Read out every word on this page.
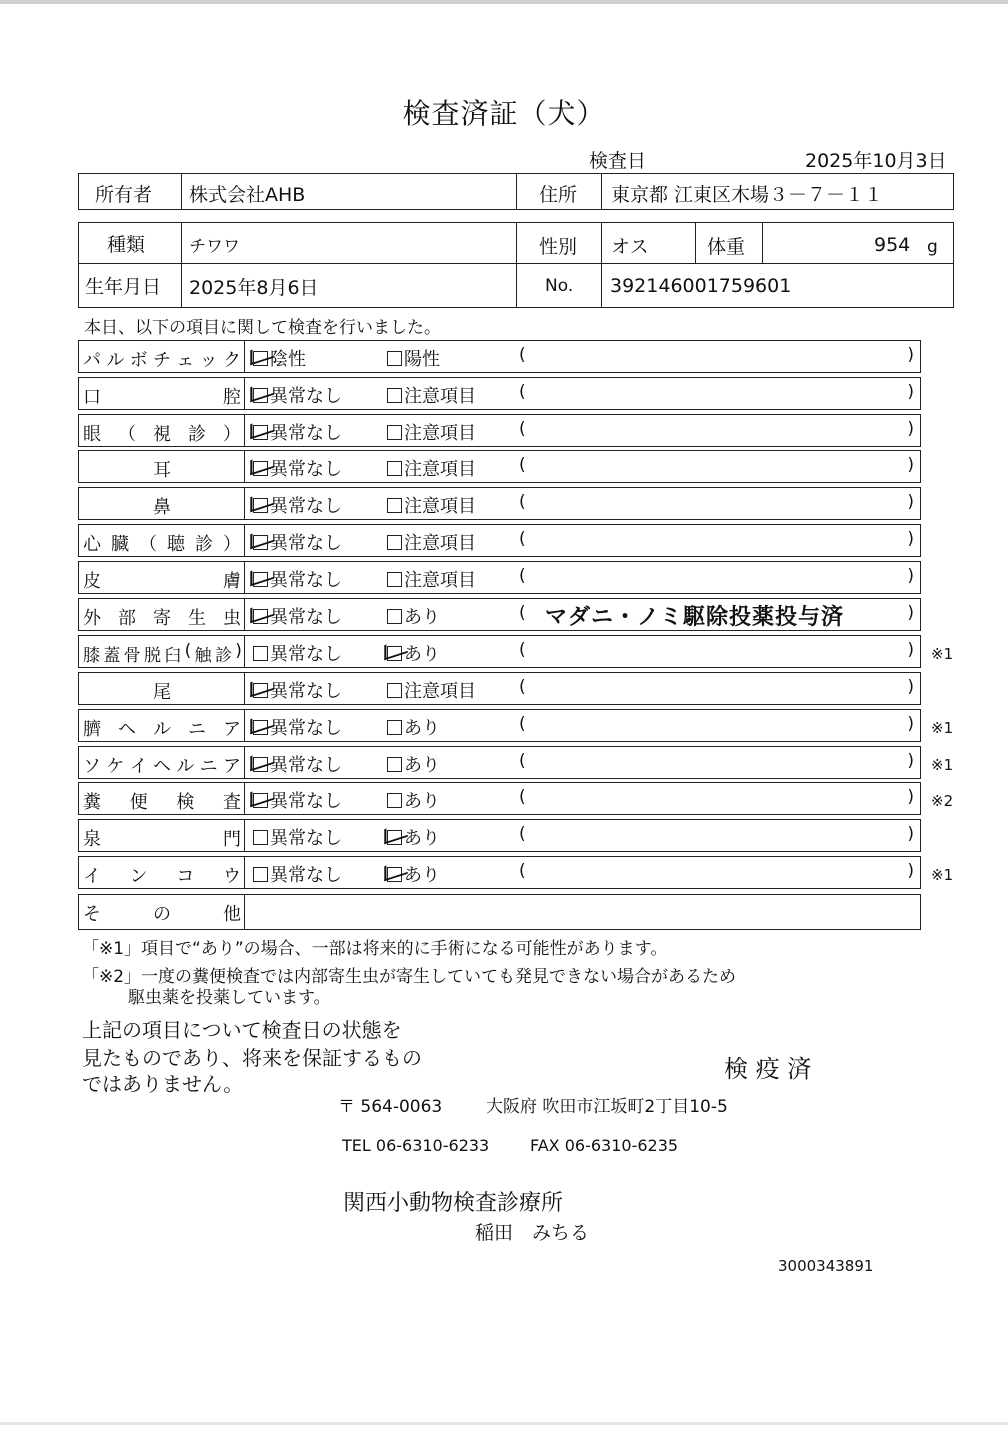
検査済証（犬）
検査日	2025年10月3日
所有者 株式会社AHB	住所 東京都 江東区木場３－７－１１
種類	チワワ	性別 オス	体重	954 g
生年月日 2025年8月6日	No. 392146001759601
本日、以下の項目に関して検査を行いました。
パ ル ボ チ ェ ッ ク	陰性	陽性	(	)
口	腔	異常なし	注意項目	(	)
眼 （ 視 診 ）	異常なし	注意項目	(	)
耳	異常なし	注意項目	(	)
鼻	異常なし	注意項目	(	)
心 臓 （ 聴 診 ）	異常なし	注意項目	(	)
皮	膚	異常なし	注意項目	(	)
外 部 寄 生 虫	異常なし	あり	( マダニ・ノミ駆除投薬投与済	)
膝 蓋 骨 脱 臼 ( 触 診 )	異常なし	あり	(	) ※1
尾	異常なし	注意項目	(	)
臍 ヘ ル ニ ア	異常なし	あり	(	) ※1
ソ ケ イ ヘ ル ニ ア	異常なし	あり	(	) ※1
糞 便 検 査	異常なし	あり	(	) ※2
泉	門	異常なし	あり	(	)
イ ン コ ウ	異常なし	あり	(	) ※1
そ	の	他
「※1」項目で“あり”の場合、一部は将来的に手術になる可能性があります。
「※2」一度の糞便検査では内部寄生虫が寄生していても発見できない場合があるため
駆虫薬を投薬しています。
上記の項目について検査日の状態を
見たものであり、将来を保証するもの
ではありません。
検 疫 済
〒 564-0063	大阪府 吹田市江坂町2丁目10-5
TEL 06-6310-6233	FAX 06-6310-6235
関西小動物検査診療所
稲田　みちる
3000343891
